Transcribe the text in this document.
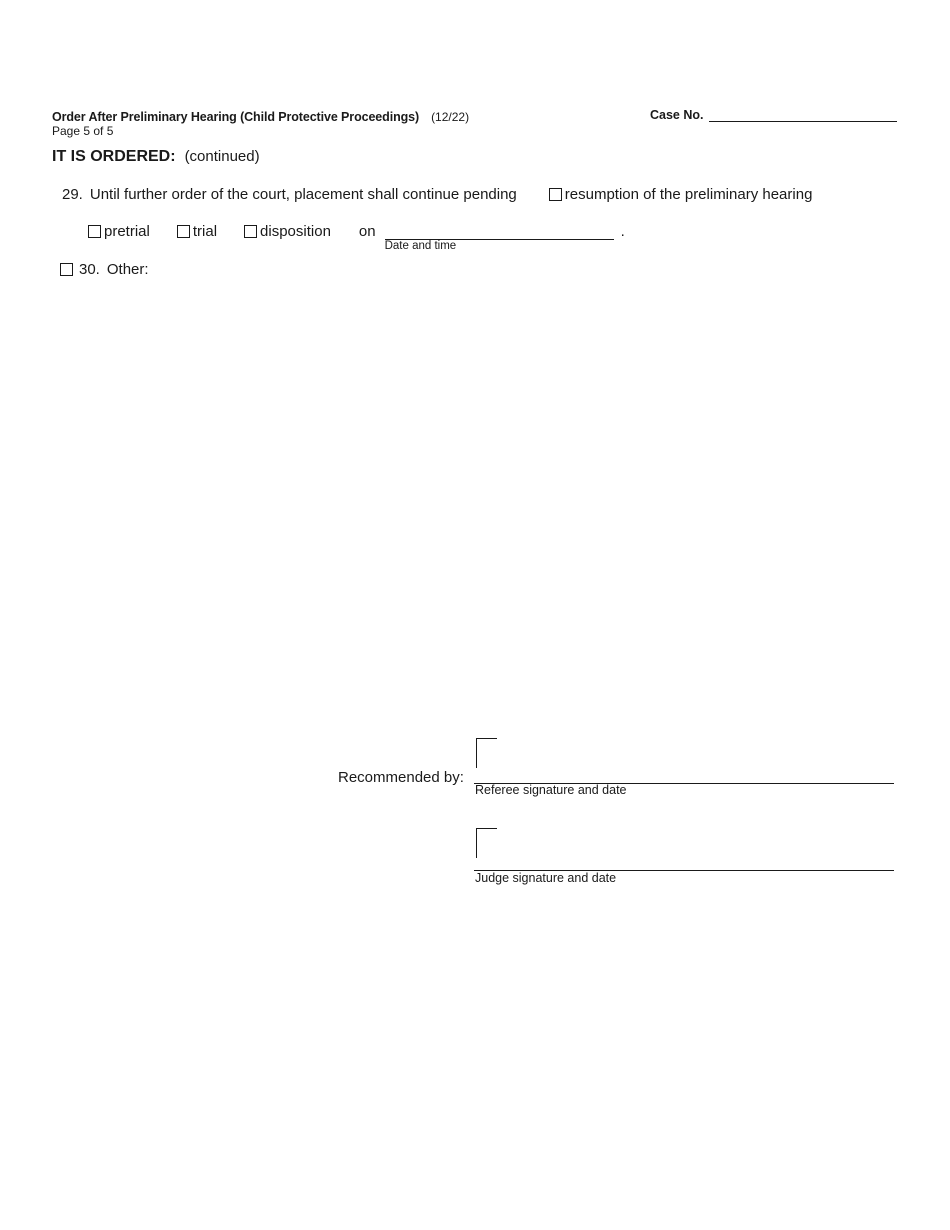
Order After Preliminary Hearing (Child Protective Proceedings) (12/22)
Page 5 of 5
Case No.
IT IS ORDERED: (continued)
29. Until further order of the court, placement shall continue pending	resumption of the preliminary hearing
pretrial	trial	disposition on
Date and time
.
30. Other:
Recommended by:
Referee signature and date
Judge signature and date
